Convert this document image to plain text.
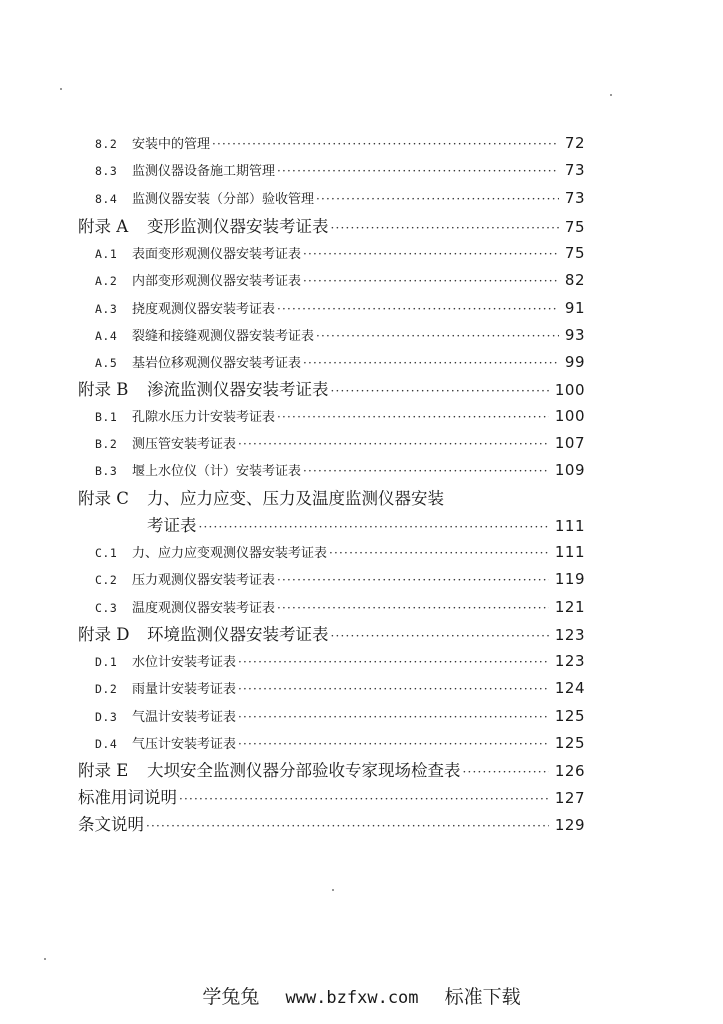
8.2	安装中的管理 ·····	72
8.3	监测仪器设备施工期管理 ·····	73
8.4	监测仪器安装（分部）验收管理 ·····	73
附录 A	变形监测仪器安装考证表 ·····	75
A.1	表面变形观测仪器安装考证表 ·····	75
A.2	内部变形观测仪器安装考证表 ·····	82
A.3	挠度观测仪器安装考证表 ·····	91
A.4	裂缝和接缝观测仪器安装考证表 ·····	93
A.5	基岩位移观测仪器安装考证表 ·····	99
附录 B	渗流监测仪器安装考证表 ·····	100
B.1	孔隙水压力计安装考证表 ·····	100
B.2	测压管安装考证表 ·····	107
B.3	堰上水位仪（计）安装考证表 ·····	109
附录 C	力、应力应变、压力及温度监测仪器安装
考证表 ·····	111
C.1	力、应力应变观测仪器安装考证表 ·····	111
C.2	压力观测仪器安装考证表 ·····	119
C.3	温度观测仪器安装考证表 ·····	121
附录 D	环境监测仪器安装考证表 ·····	123
D.1	水位计安装考证表 ·····	123
D.2	雨量计安装考证表 ·····	124
D.3	气温计安装考证表 ·····	125
D.4	气压计安装考证表 ·····	125
附录 E	大坝安全监测仪器分部验收专家现场检查表 ·····	126
标准用词说明 ·····	127
条文说明 ·····	129
学兔兔 www.bzfxw.com 标准下载
